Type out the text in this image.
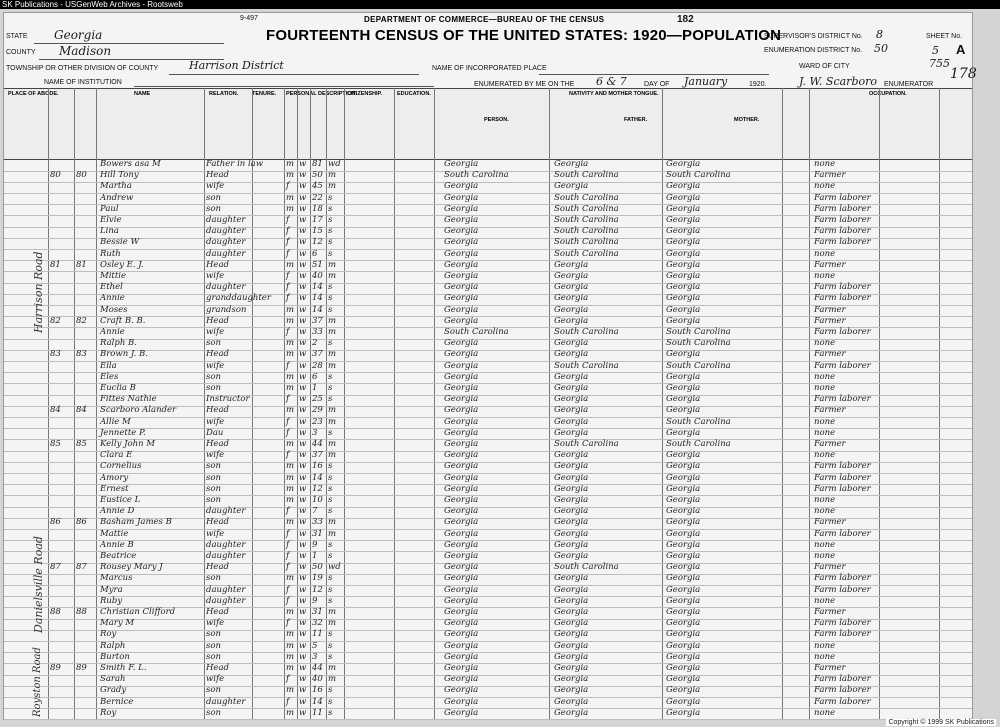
SK Publications - USGenWeb Archives - Rootsweb
9-497	DEPARTMENT OF COMMERCE—BUREAU OF THE CENSUS	182
FOURTEENTH CENSUS OF THE UNITED STATES: 1920—POPULATION
STATE Georgia
COUNTY Madison
TOWNSHIP OR OTHER DIVISION OF COUNTY	Harrison District
NAME OF INSTITUTION
NAME OF INCORPORATED PLACE
ENUMERATED BY ME ON THE 6 & 7 DAY OF January	1920.	J. W. Scarboro ENUMERATOR
SUPERVISOR'S DISTRICT No. 8
ENUMERATION DISTRICT No. 50
SHEET No.
5 A
WARD OF CITY	755
178
PLACE OF ABODE.	NAME	RELATION.	TENURE. PERSONAL DESCRIPTION.
CITIZENSHIP.	EDUCATION.	NATIVITY AND MOTHER TONGUE.
PERSON.	FATHER.	MOTHER.
OCCUPATION.
Bowers asa M	Father in law	m w 81 wd	Georgia	Georgia	Georgia	none
80	80	Hill Tony	Head	m w 50 m	South Carolina	South Carolina	South Carolina	Farmer
Martha	wife	f	w 45 m	Georgia	Georgia	Georgia	none
Andrew	son	m w 22 s	Georgia	South Carolina	Georgia	Farm laborer
Paul	son	m w 18 s	Georgia	South Carolina	Georgia	Farm laborer
Elvie	daughter	f	w 17 s	Georgia	South Carolina	Georgia	Farm laborer
Lina	daughter	f	w 15 s	Georgia	South Carolina	Georgia	Farm laborer
Bessie W	daughter	f	w 12 s	Georgia	South Carolina	Georgia	Farm laborer
Ruth	daughter	f	w 6	s	Georgia	South Carolina	Georgia	none
81	81	Osley E. J.	Head	m w 51 m	Georgia	Georgia	Georgia	Farmer
Mittie	wife	f	w 40 m	Georgia	Georgia	Georgia	none
Ethel	daughter	f	w 14 s	Georgia	Georgia	Georgia	Farm laborer
Annie	granddaughter f	w 14 s	Georgia	Georgia	Georgia	Farm laborer
Moses	grandson	m w 14 s	Georgia	Georgia	Georgia	Farmer
82	82	Craft B. B.	Head	m w 37 m	Georgia	Georgia	Georgia	Farmer
Annie	wife	f	w 33 m	South Carolina	South Carolina	South Carolina	Farm laborer
Ralph B.	son	m w 2	s	Georgia	Georgia	South Carolina	none
83	83	Brown J. B.	Head	m w 37 m	Georgia	Georgia	Georgia	Farmer
Ella	wife	f	w 28 m	Georgia	South Carolina	South Carolina	Farm laborer
Eles	son	m w 6	s	Georgia	Georgia	Georgia	none
Euclia B	son	m w 1	s	Georgia	Georgia	Georgia	none
Fittes Nathie	Instructor	f	w 25 s	Georgia	Georgia	Georgia	Farm laborer
84	84	Scarboro Alander	Head	m w 29 m	Georgia	Georgia	Georgia	Farmer
Allie M	wife	f	w 23 m	Georgia	Georgia	South Carolina	none
Jennette P.	Dau	f	w 3	s	Georgia	Georgia	Georgia	none
85	85	Kelly John M	Head	m w 44 m	Georgia	South Carolina	South Carolina	Farmer
Clara E	wife	f	w 37 m	Georgia	Georgia	Georgia	none
Cornelius	son	m w 16 s	Georgia	Georgia	Georgia	Farm laborer
Amory	son	m w 14 s	Georgia	Georgia	Georgia	Farm laborer
Ernest	son	m w 12 s	Georgia	Georgia	Georgia	Farm laborer
Eustice L	son	m w 10 s	Georgia	Georgia	Georgia	none
Annie D	daughter	f	w 7	s	Georgia	Georgia	Georgia	none
86	86	Basham James B	Head	m w 33 m	Georgia	Georgia	Georgia	Farmer
Mattie	wife	f	w 31 m	Georgia	Georgia	Georgia	Farm laborer
Annie B	daughter	f	w 9	s	Georgia	Georgia	Georgia	none
Beatrice	daughter	f	w 1	s	Georgia	Georgia	Georgia	none
87	87	Rousey Mary J	Head	f	w 50 wd	Georgia	South Carolina	Georgia	Farmer
Marcus	son	m w 19 s	Georgia	Georgia	Georgia	Farm laborer
Myra	daughter	f	w 12 s	Georgia	Georgia	Georgia	Farm laborer
Ruby	daughter	f	w 9	s	Georgia	Georgia	Georgia	none
88	88	Christian Clifford	Head	m w 31 m	Georgia	Georgia	Georgia	Farmer
Mary M	wife	f	w 32 m	Georgia	Georgia	Georgia	Farm laborer
Roy	son	m w 11 s	Georgia	Georgia	Georgia	Farm laborer
Ralph	son	m w 5	s	Georgia	Georgia	Georgia	none
Burton	son	m w 3	s	Georgia	Georgia	Georgia	none
89	89	Smith F. L.	Head	m w 44 m	Georgia	Georgia	Georgia	Farmer
Sarah	wife	f	w 40 m	Georgia	Georgia	Georgia	Farm laborer
Grady	son	m w 16 s	Georgia	Georgia	Georgia	Farm laborer
Bernice	daughter	f	w 14 s	Georgia	Georgia	Georgia	Farm laborer
Roy	son	m w 11 s	Georgia	Georgia	Georgia	none
Harrison Road
Danielsville Road
Royston Road
Copyright © 1999 SK Publications
